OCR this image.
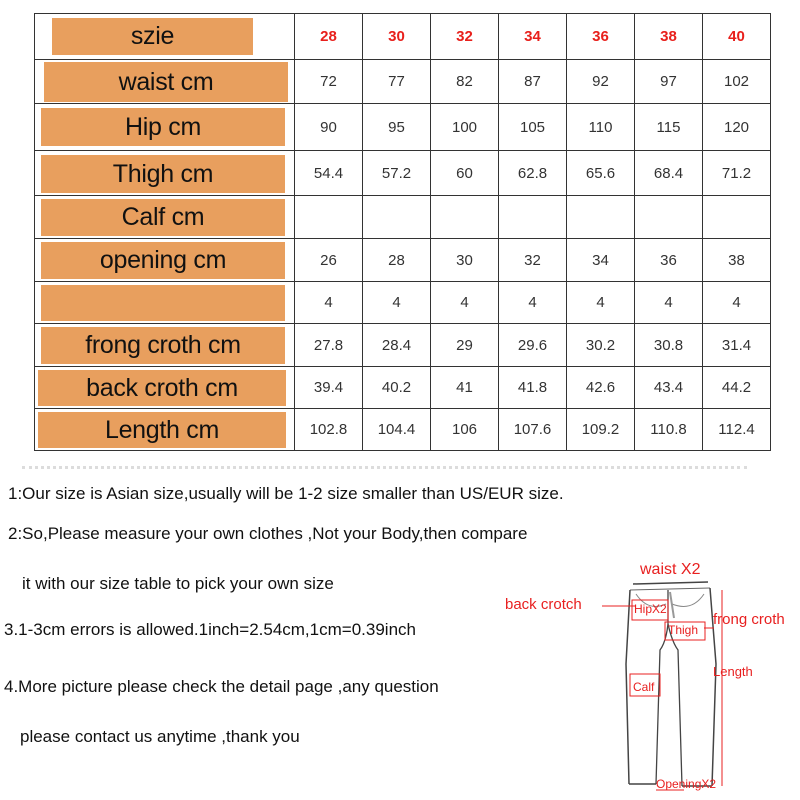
szie	28	30	32	34	36	38	40

waist cm	72	77	82	87	92	97	102

Hip cm	90	95	100	105	110	115	120

Thigh cm	54.4	57.2	60	62.8	65.6	68.4	71.2

Calf cm							

opening cm	26	28	30	32	34	36	38

	4	4	4	4	4	4	4

frong croth cm	27.8	28.4	29	29.6	30.2	30.8	31.4

back croth cm	39.4	40.2	41	41.8	42.6	43.4	44.2

Length cm	102.8	104.4	106	107.6	109.2	110.8	112.4
1:Our size is Asian size,usually will be 1-2 size smaller than US/EUR size.
2:So,Please measure your own clothes ,Not your Body,then compare
it with our size table to pick your own size
3.1-3cm errors is allowed.1inch=2.54cm,1cm=0.39inch
4.More picture please check the detail page ,any question
please contact us anytime ,thank you
waist X2
back crotch	HipX2
Thigh
frong croth
Length
Calf
OpeningX2
